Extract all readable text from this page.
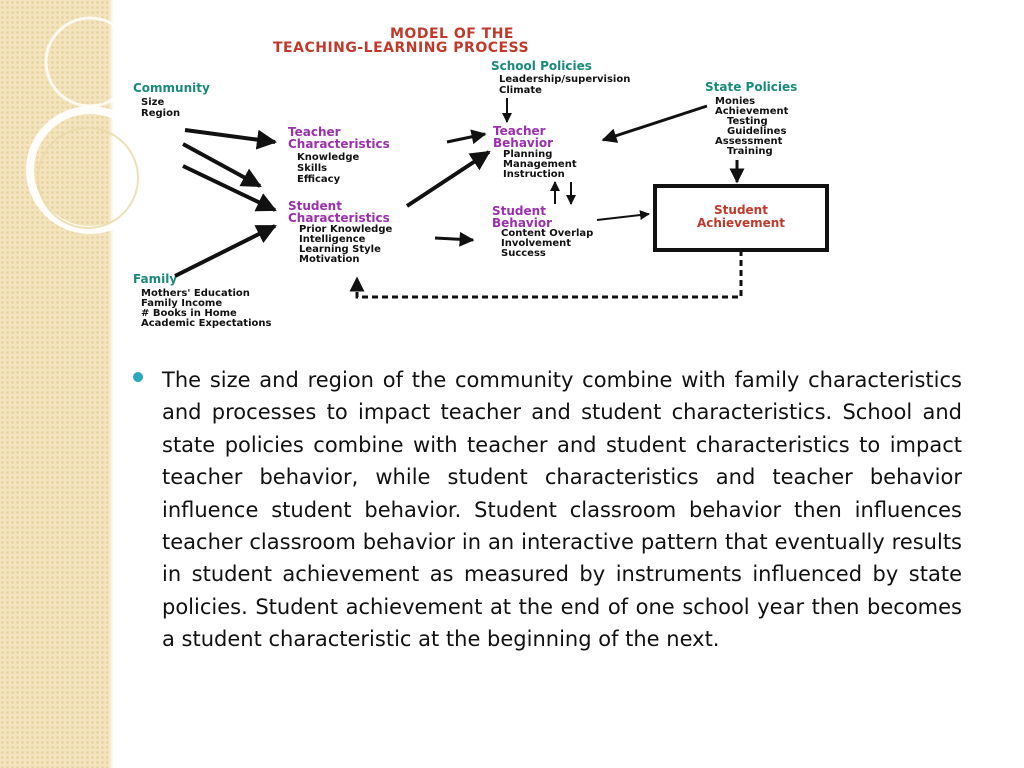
MODEL OF THE
TEACHING-LEARNING PROCESS
Community
Size
Region
School Policies
Leadership/supervision
Climate	State Policies
Monies
Achievement
Testing
Guidelines
Assessment
Training
Teacher
Characteristics
Knowledge
Skills
Efficacy
Teacher
Behavior
Planning
Management
Instruction
Student
Characteristics
Prior Knowledge
Intelligence
Learning Style
Motivation
Student
Behavior
Content Overlap
Involvement
Success
Student
Achievement
Family
Mothers' Education
Family Income
# Books in Home
Academic Expectations

The size and region of the community combine with family characteristics and processes to impact teacher and student characteristics. School and state policies combine with teacher and student characteristics to impact teacher behavior, while student characteristics and teacher behavior influence student behavior. Student classroom behavior then influences teacher classroom behavior in an interactive pattern that eventually results in student achievement as measured by instruments influenced by state policies. Student achievement at the end of one school year then becomes a student characteristic at the beginning of the next.
